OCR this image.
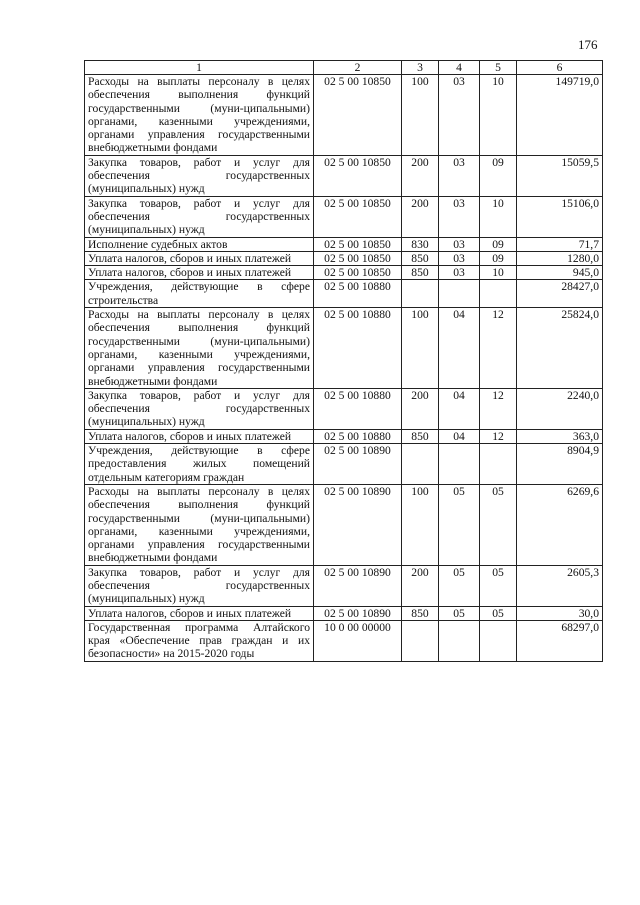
176
1	2	3	4	5	6
Расходы на выплаты персоналу в целях обеспечения выполнения функций государственными (муни-ципальными) органами, казенными учреждениями, органами управления государственными внебюджетными фондами	02 5 00 10850	100	03	10	149719,0
Закупка товаров, работ и услуг для обеспечения государственных (муниципальных) нужд	02 5 00 10850	200	03	09	15059,5
Закупка товаров, работ и услуг для обеспечения государственных (муниципальных) нужд	02 5 00 10850	200	03	10	15106,0
Исполнение судебных актов	02 5 00 10850	830	03	09	71,7
Уплата налогов, сборов и иных платежей	02 5 00 10850	850	03	09	1280,0
Уплата налогов, сборов и иных платежей	02 5 00 10850	850	03	10	945,0
Учреждения, действующие в сфере строительства	02 5 00 10880				28427,0
Расходы на выплаты персоналу в целях обеспечения выполнения функций государственными (муни-ципальными) органами, казенными учреждениями, органами управления государственными внебюджетными фондами	02 5 00 10880	100	04	12	25824,0
Закупка товаров, работ и услуг для обеспечения государственных (муниципальных) нужд	02 5 00 10880	200	04	12	2240,0
Уплата налогов, сборов и иных платежей	02 5 00 10880	850	04	12	363,0
Учреждения, действующие в сфере предоставления жилых помещений отдельным категориям граждан	02 5 00 10890				8904,9
Расходы на выплаты персоналу в целях обеспечения выполнения функций государственными (муни-ципальными) органами, казенными учреждениями, органами управления государственными внебюджетными фондами	02 5 00 10890	100	05	05	6269,6
Закупка товаров, работ и услуг для обеспечения государственных (муниципальных) нужд	02 5 00 10890	200	05	05	2605,3
Уплата налогов, сборов и иных платежей	02 5 00 10890	850	05	05	30,0
Государственная программа Алтайского края «Обеспечение прав граждан и их безопасности» на 2015-2020 годы	10 0 00 00000				68297,0
